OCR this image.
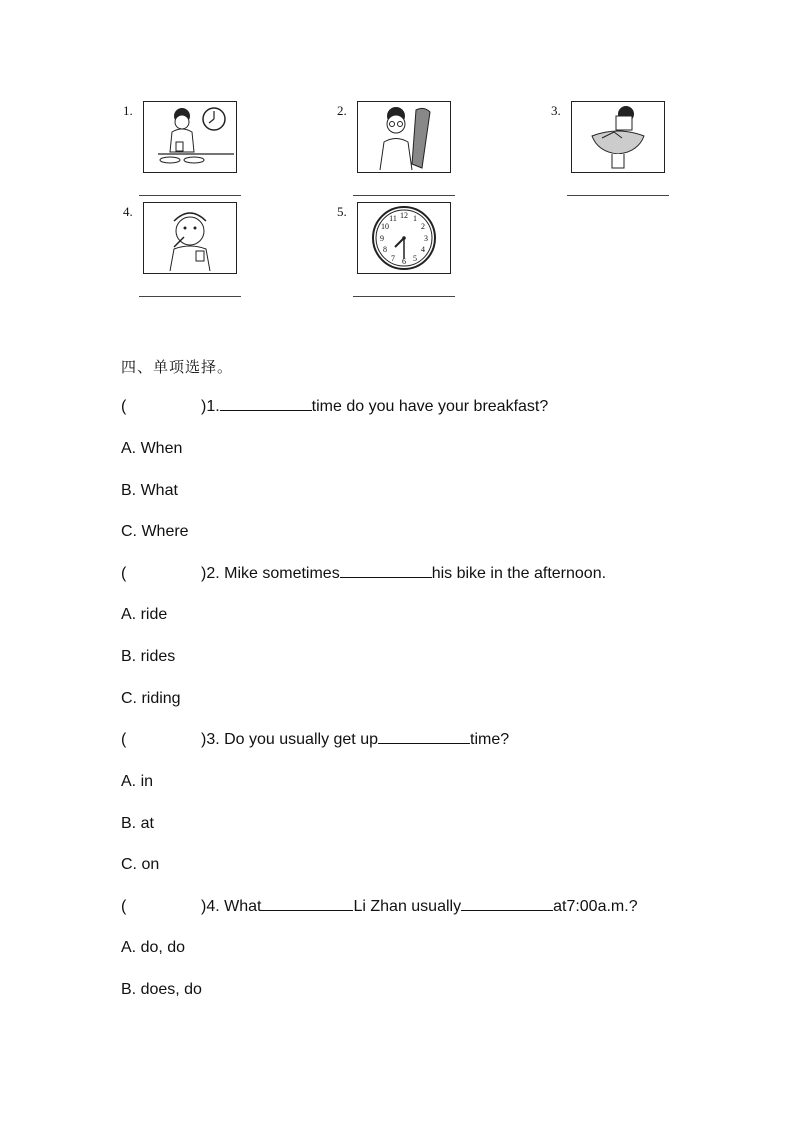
1.	2.	3.
4.	5.	12 1
2
3
4
5
6
7
8
9
10
11
四、单项选择。
(	)1.	time do you have your breakfast?
A. When
B. What
C. Where
(	)2. Mike sometimes	his bike in the afternoon.
A. ride
B. rides
C. riding
(	)3. Do you usually get up	time?
A. in
B. at
C. on
(	)4. What	Li Zhan usually	at7:00a.m.?
A. do, do
B. does, do
